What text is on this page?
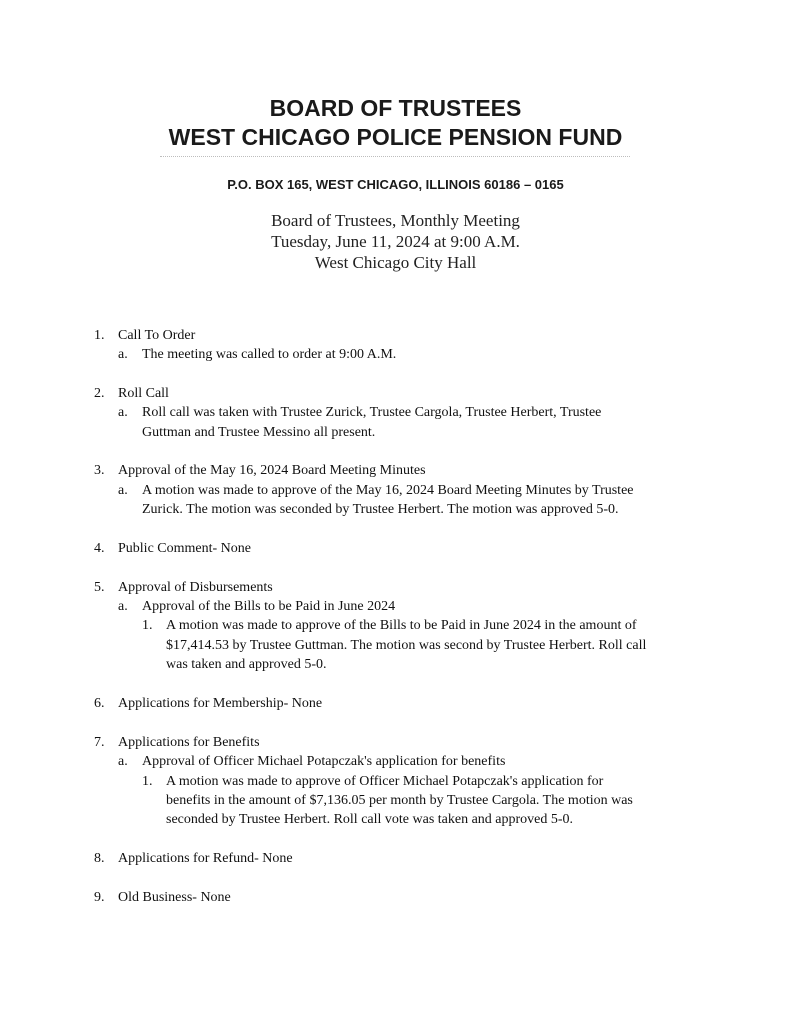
BOARD OF TRUSTEES
WEST CHICAGO POLICE PENSION FUND
P.O. BOX 165, WEST CHICAGO, ILLINOIS 60186 – 0165
Board of Trustees, Monthly Meeting
Tuesday, June 11, 2024 at 9:00 A.M.
West Chicago City Hall
1. Call To Order
a. The meeting was called to order at 9:00 A.M.
2. Roll Call
a. Roll call was taken with Trustee Zurick, Trustee Cargola, Trustee Herbert, Trustee
Guttman and Trustee Messino all present.
3. Approval of the May 16, 2024 Board Meeting Minutes
a. A motion was made to approve of the May 16, 2024 Board Meeting Minutes by Trustee
Zurick. The motion was seconded by Trustee Herbert. The motion was approved 5-0.
4. Public Comment- None
5. Approval of Disbursements
a. Approval of the Bills to be Paid in June 2024
1. A motion was made to approve of the Bills to be Paid in June 2024 in the amount of
$17,414.53 by Trustee Guttman. The motion was second by Trustee Herbert. Roll call
was taken and approved 5-0.
6. Applications for Membership- None
7. Applications for Benefits
a. Approval of Officer Michael Potapczak's application for benefits
1. A motion was made to approve of Officer Michael Potapczak's application for
benefits in the amount of $7,136.05 per month by Trustee Cargola. The motion was
seconded by Trustee Herbert. Roll call vote was taken and approved 5-0.
8. Applications for Refund- None
9. Old Business- None
